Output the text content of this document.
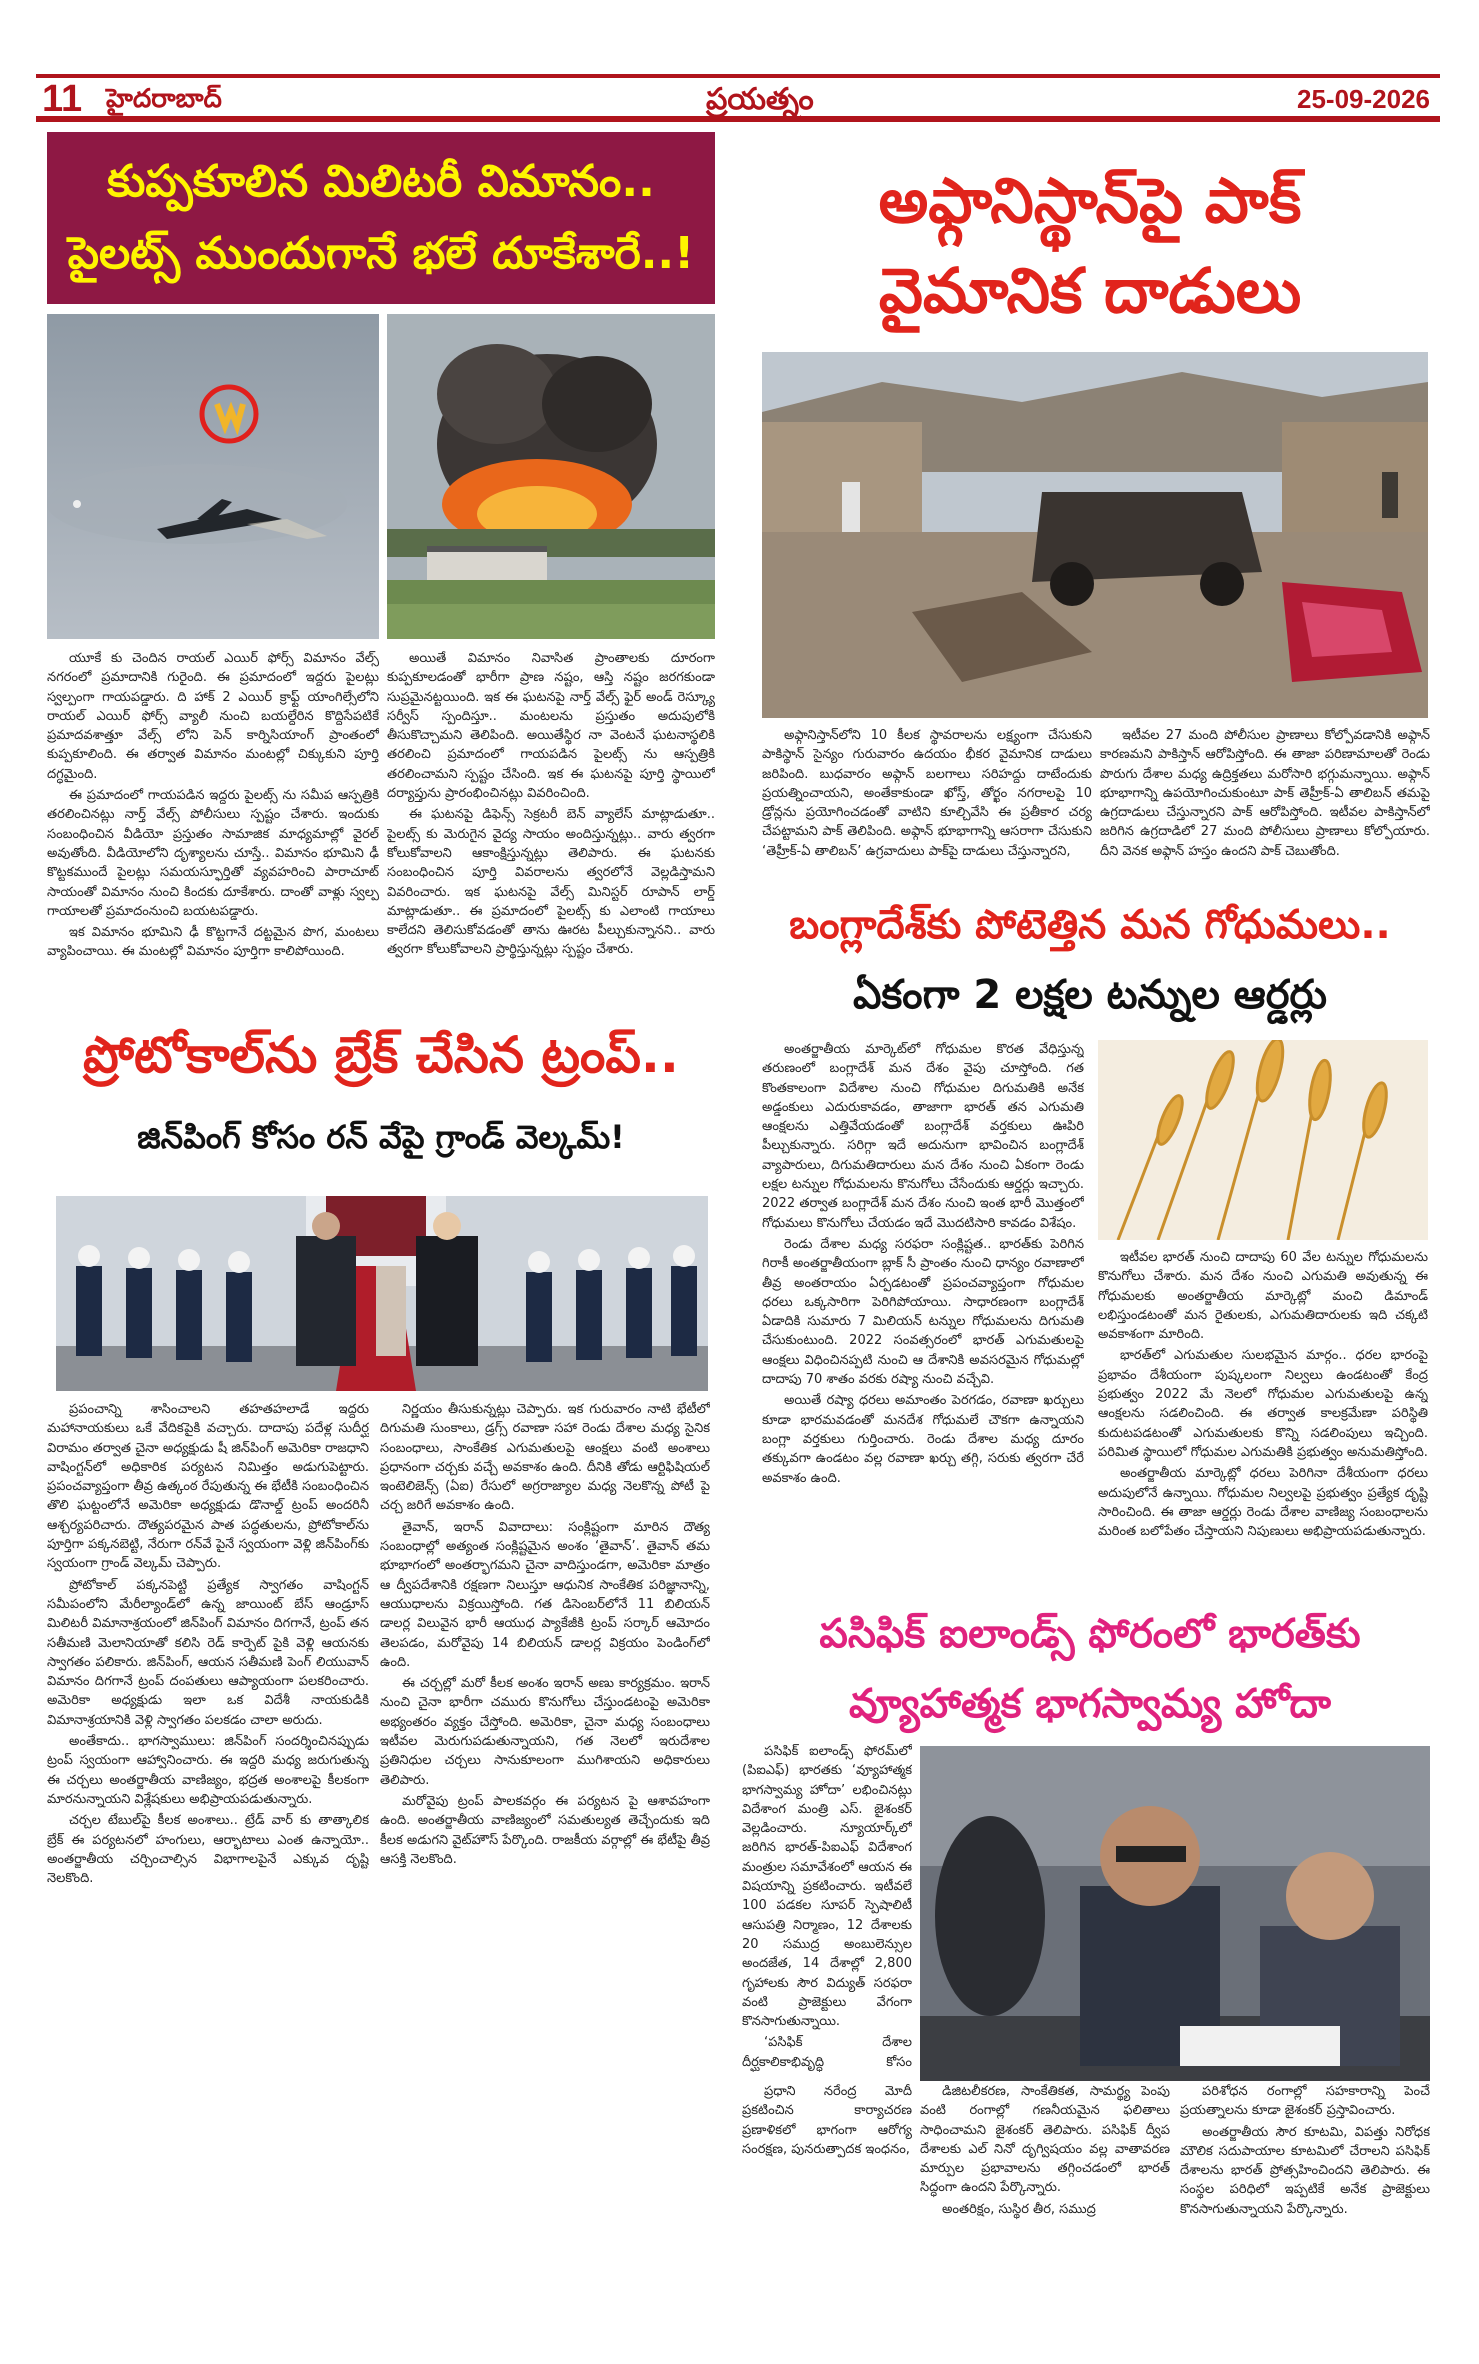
11 హైదరాబాద్	ప్రయత్నం	25-09-2026
కుప్పకూలిన మిలిటరీ విమానం..
పైలట్స్ ముందుగానే భలే దూకేశారే..!

యూకే కు చెందిన రాయల్ ఎయిర్ ఫోర్స్ విమానం వేల్స్ నగరంలో ప్రమాదానికి గురైంది. ఈ ప్రమాదంలో ఇద్దరు పైలట్లు స్వల్పంగా గాయపడ్డారు. ది హాక్ 2 ఎయిర్ క్రాఫ్ట్ యాంగిల్సేలోని రాయల్ ఎయిర్ ఫోర్స్ వ్యాలీ నుంచి బయల్దేరిన కొద్దిసేపటికే ప్రమాదవశాత్తూ వేల్స్ లోని పెన్ కార్నిసియాంగ్ ప్రాంతంలో కుప్పకూలింది. ఈ తర్వాత విమానం మంటల్లో చిక్కుకుని పూర్తి దగ్ధమైంది.

ఈ ప్రమాదంలో గాయపడిన ఇద్దరు పైలట్స్ ను సమీప ఆస్పత్రికి తరలించినట్లు నార్త్ వేల్స్ పోలీసులు స్పష్టం చేశారు. ఇందుకు సంబంధించిన వీడియో ప్రస్తుతం సామాజిక మాధ్యమాల్లో వైరల్ అవుతోంది. వీడియోలోని దృశ్యాలను చూస్తే.. విమానం భూమిని ఢీ కొట్టకముందే పైలట్లు సమయస్ఫూర్తితో వ్యవహరించి పారాచూట్ సాయంతో విమానం నుంచి కిందకు దూకేశారు. దాంతో వాళ్లు స్వల్ప గాయాలతో ప్రమాదంనుంచి బయటపడ్డారు.

ఇక విమానం భూమిని ఢీ కొట్టగానే దట్టమైన పొగ, మంటలు వ్యాపించాయి. ఈ మంటల్లో విమానం పూర్తిగా కాలిపోయింది.

అయితే విమానం నివాసిత ప్రాంతాలకు దూరంగా కుప్పకూలడంతో భారీగా ప్రాణ నష్టం, ఆస్తి నష్టం జరగకుండా సుప్రమైనట్టయింది. ఇక ఈ ఘటనపై నార్త్ వేల్స్ ఫైర్ అండ్ రెస్క్యూ సర్వీస్ స్పందిస్తూ.. మంటలను ప్రస్తుతం అదుపులోకి తీసుకొచ్చామని తెలిపింది. అయితేస్థిర నా వెంటనే ఘటనాస్థలికి తరలించి ప్రమాదంలో గాయపడిన పైలట్స్ ను ఆస్పత్రికి తరలించామని స్పష్టం చేసింది. ఇక ఈ ఘటనపై పూర్తి స్థాయిలో దర్యాప్తును ప్రారంభించినట్లు వివరించింది.

ఈ ఘటనపై డిఫెన్స్ సెక్రటరీ బెన్ వ్యాలేస్ మాట్లాడుతూ.. పైలట్స్ కు మెరుగైన వైద్య సాయం అందిస్తున్నట్లు.. వారు త్వరగా కోలుకోవాలని ఆకాంక్షిస్తున్నట్లు తెలిపారు. ఈ ఘటనకు సంబంధించిన పూర్తి వివరాలను త్వరలోనే వెల్లడిస్తామని వివరించారు. ఇక ఘటనపై వేల్స్ మినిస్టర్ రూపాన్ లార్డ్ మాట్లాడుతూ.. ఈ ప్రమాదంలో పైలట్స్ కు ఎలాంటి గాయాలు కాలేదని తెలిసుకోవడంతో తాను ఊరట పీల్చుకున్నానని.. వారు త్వరగా కోలుకోవాలని ప్రార్థిస్తున్నట్లు స్పష్టం చేశారు.

ప్రోటోకాల్‌ను బ్రేక్ చేసిన ట్రంప్..
జిన్‌పింగ్ కోసం రన్ వేపై గ్రాండ్ వెల్కమ్!

ప్రపంచాన్ని శాసించాలని తహతహలాడే ఇద్దరు మహానాయకులు ఒకే వేదికపైకి వచ్చారు. దాదాపు పదేళ్ల సుదీర్ఘ విరామం తర్వాత చైనా అధ్యక్షుడు షీ జిన్‌పింగ్ అమెరికా రాజధాని వాషింగ్టన్‌లో అధికారిక పర్యటన నిమిత్తం అడుగుపెట్టారు. ప్రపంచవ్యాప్తంగా తీవ్ర ఉత్కంఠ రేపుతున్న ఈ భేటీకి సంబంధించిన తొలి ఘట్టంలోనే అమెరికా అధ్యక్షుడు డొనాల్డ్ ట్రంప్ అందరినీ ఆశ్చర్యపరిచారు. దౌత్యపరమైన పాత పద్ధతులను, ప్రోటోకాల్‌ను పూర్తిగా పక్కనబెట్టి, నేరుగా రన్‌వే పైనే స్వయంగా వెళ్లి జిన్‌పింగ్‌కు స్వయంగా గ్రాండ్ వెల్కమ్ చెప్పారు.

ప్రోటోకాల్ పక్కనపెట్టి ప్రత్యేక స్వాగతం వాషింగ్టన్ సమీపంలోని మేరీల్యాండ్‌లో ఉన్న జాయింట్ బేస్ ఆండ్రూస్ మిలిటరీ విమానాశ్రయంలో జిన్‌పింగ్ విమానం దిగగానే, ట్రంప్ తన సతీమణి మెలానియాతో కలిసి రెడ్ కార్పెట్ పైకి వెళ్లి ఆయనకు స్వాగతం పలికారు. జిన్‌పింగ్, ఆయన సతీమణి పెంగ్ లియువాన్ విమానం దిగగానే ట్రంప్ దంపతులు ఆప్యాయంగా పలకరించారు. అమెరికా అధ్యక్షుడు ఇలా ఒక విదేశీ నాయకుడికి విమానాశ్రయానికి వెళ్లి స్వాగతం పలకడం చాలా అరుదు.

అంతేకాదు.. భాగస్వాములు: జిన్‌పింగ్ సందర్శించినప్పుడు ట్రంప్ స్వయంగా ఆహ్వానించారు. ఈ ఇద్దరి మధ్య జరుగుతున్న ఈ చర్చలు అంతర్జాతీయ వాణిజ్యం, భద్రత అంశాలపై కీలకంగా మారనున్నాయని విశ్లేషకులు అభిప్రాయపడుతున్నారు.

చర్చల టేబుల్‌పై కీలక అంశాలు.. ట్రేడ్ వార్ కు తాత్కాలిక బ్రేక్ ఈ పర్యటనలో హంగులు, ఆర్భాటాలు ఎంత ఉన్నాయో.. అంతర్జాతీయ చర్చించాల్సిన విభాగాలపైనే ఎక్కువ దృష్టి నెలకొంది.

నిర్ణయం తీసుకున్నట్లు చెప్పారు. ఇక గురువారం నాటి భేటీలో దిగుమతి సుంకాలు, డ్రగ్స్ రవాణా సహా రెండు దేశాల మధ్య సైనిక సంబంధాలు, సాంకేతిక ఎగుమతులపై ఆంక్షలు వంటి అంశాలు ప్రధానంగా చర్చకు వచ్చే అవకాశం ఉంది. దీనికి తోడు ఆర్టిఫిషియల్ ఇంటెలిజెన్స్ (ఏఐ) రేసులో అగ్రరాజ్యాల మధ్య నెలకొన్న పోటీ పై చర్చ జరిగే అవకాశం ఉంది.

తైవాన్, ఇరాన్ వివాదాలు: సంక్లిష్టంగా మారిన దౌత్య సంబంధాల్లో అత్యంత సంక్లిష్టమైన అంశం ‘తైవాన్’. తైవాన్ తమ భూభాగంలో అంతర్భాగమని చైనా వాదిస్తుండగా, అమెరికా మాత్రం ఆ ద్వీపదేశానికి రక్షణగా నిలుస్తూ ఆధునిక సాంకేతిక పరిజ్ఞానాన్ని, ఆయుధాలను విక్రయిస్తోంది. గత డిసెంబర్‌లోనే 11 బిలియన్ డాలర్ల విలువైన భారీ ఆయుధ ప్యాకేజీకి ట్రంప్ సర్కార్ ఆమోదం తెలపడం, మరోవైపు 14 బిలియన్ డాలర్ల విక్రయం పెండింగ్‌లో ఉంది.

ఈ చర్చల్లో మరో కీలక అంశం ఇరాన్ అణు కార్యక్రమం. ఇరాన్ నుంచి చైనా భారీగా చమురు కొనుగోలు చేస్తుండటంపై అమెరికా అభ్యంతరం వ్యక్తం చేస్తోంది. అమెరికా, చైనా మధ్య సంబంధాలు ఇటీవల మెరుగుపడుతున్నాయని, గత నెలలో ఇరుదేశాల ప్రతినిధుల చర్చలు సానుకూలంగా ముగిశాయని అధికారులు తెలిపారు.

మరోవైపు ట్రంప్ పాలకవర్గం ఈ పర్యటన పై ఆశావహంగా ఉంది. అంతర్జాతీయ వాణిజ్యంలో సమతుల్యత తెచ్చేందుకు ఇది కీలక అడుగని వైట్‌హౌస్ పేర్కొంది. రాజకీయ వర్గాల్లో ఈ భేటీపై తీవ్ర ఆసక్తి నెలకొంది.

అఫ్గానిస్థాన్‌పై పాక్
వైమానిక దాడులు

అఫ్గానిస్తాన్‌లోని 10 కీలక స్థావరాలను లక్ష్యంగా చేసుకుని పాకిస్థాన్ సైన్యం గురువారం ఉదయం భీకర వైమానిక దాడులు జరిపింది. బుధవారం అఫ్గాన్ బలగాలు సరిహద్దు దాటేందుకు ప్రయత్నించాయని, అంతేకాకుండా ఖోస్త్, తోర్ఖం నగరాలపై 10 డ్రోన్లను ప్రయోగించడంతో వాటిని కూల్చివేసి ఈ ప్రతీకార చర్య చేపట్టామని పాక్ తెలిపింది. అఫ్గాన్ భూభాగాన్ని ఆసరాగా చేసుకుని ‘తెహ్రీక్-ఏ తాలిబన్’ ఉగ్రవాదులు పాక్‌పై దాడులు చేస్తున్నారని,

ఇటీవల 27 మంది పోలీసుల ప్రాణాలు కోల్పోవడానికి అఫ్గాన్ కారణమని పాకిస్తాన్ ఆరోపిస్తోంది. ఈ తాజా పరిణామాలతో రెండు పొరుగు దేశాల మధ్య ఉద్రిక్తతలు మరోసారి భగ్గుమన్నాయి. అఫ్గాన్ భూభాగాన్ని ఉపయోగించుకుంటూ పాక్ తెహ్రీక్-ఏ తాలిబన్ తమపై ఉగ్రదాడులు చేస్తున్నారని పాక్ ఆరోపిస్తోంది. ఇటీవల పాకిస్తాన్‌లో జరిగిన ఉగ్రదాడిలో 27 మంది పోలీసులు ప్రాణాలు కోల్పోయారు. దీని వెనక అఫ్గాన్ హస్తం ఉందని పాక్ చెబుతోంది.

బంగ్లాదేశ్‌కు పోటెత్తిన మన గోధుమలు..
ఏకంగా 2 లక్షల టన్నుల ఆర్డర్లు

అంతర్జాతీయ మార్కెట్‌లో గోధుమల కొరత వేధిస్తున్న తరుణంలో బంగ్లాదేశ్ మన దేశం వైపు చూస్తోంది. గత కొంతకాలంగా విదేశాల నుంచి గోధుమల దిగుమతికి అనేక అడ్డంకులు ఎదురుకావడం, తాజాగా భారత్ తన ఎగుమతి ఆంక్షలను ఎత్తివేయడంతో బంగ్లాదేశ్ వర్తకులు ఊపిరి పీల్చుకున్నారు. సరిగ్గా ఇదే అదునుగా భావించిన బంగ్లాదేశ్ వ్యాపారులు, దిగుమతిదారులు మన దేశం నుంచి ఏకంగా రెండు లక్షల టన్నుల గోధుమలను కొనుగోలు చేసేందుకు ఆర్డర్లు ఇచ్చారు. 2022 తర్వాత బంగ్లాదేశ్ మన దేశం నుంచి ఇంత భారీ మొత్తంలో గోధుమలు కొనుగోలు చేయడం ఇదే మొదటిసారి కావడం విశేషం.

రెండు దేశాల మధ్య సరఫరా సంక్లిష్టత.. భారత్‌కు పెరిగిన గిరాకీ అంతర్జాతీయంగా బ్లాక్ సీ ప్రాంతం నుంచి ధాన్యం రవాణాలో తీవ్ర అంతరాయం ఏర్పడటంతో ప్రపంచవ్యాప్తంగా గోధుమల ధరలు ఒక్కసారిగా పెరిగిపోయాయి. సాధారణంగా బంగ్లాదేశ్ ఏడాదికి సుమారు 7 మిలియన్ టన్నుల గోధుమలను దిగుమతి చేసుకుంటుంది. 2022 సంవత్సరంలో భారత్ ఎగుమతులపై ఆంక్షలు విధించినప్పటి నుంచి ఆ దేశానికి అవసరమైన గోధుమల్లో దాదాపు 70 శాతం వరకు రష్యా నుంచి వచ్చేవి.

అయితే రష్యా ధరలు అమాంతం పెరగడం, రవాణా ఖర్చులు కూడా భారమవడంతో మనదేశ గోధుమలే చౌకగా ఉన్నాయని బంగ్లా వర్తకులు గుర్తించారు. రెండు దేశాల మధ్య దూరం తక్కువగా ఉండటం వల్ల రవాణా ఖర్చు తగ్గి, సరుకు త్వరగా చేరే అవకాశం ఉంది.

ఇటీవల భారత్ నుంచి దాదాపు 60 వేల టన్నుల గోధుమలను కొనుగోలు చేశారు. మన దేశం నుంచి ఎగుమతి అవుతున్న ఈ గోధుమలకు అంతర్జాతీయ మార్కెట్లో మంచి డిమాండ్ లభిస్తుండటంతో మన రైతులకు, ఎగుమతిదారులకు ఇది చక్కటి అవకాశంగా మారింది.

భారత్‌లో ఎగుమతుల సులభమైన మార్గం.. ధరల భారంపై ప్రభావం దేశీయంగా పుష్కలంగా నిల్వలు ఉండటంతో కేంద్ర ప్రభుత్వం 2022 మే నెలలో గోధుమల ఎగుమతులపై ఉన్న ఆంక్షలను సడలించింది. ఈ తర్వాత కాలక్రమేణా పరిస్థితి కుదుటపడటంతో ఎగుమతులకు కొన్ని సడలింపులు ఇచ్చింది. పరిమిత స్థాయిలో గోధుమల ఎగుమతికి ప్రభుత్వం అనుమతిస్తోంది.

అంతర్జాతీయ మార్కెట్లో ధరలు పెరిగినా దేశీయంగా ధరలు అదుపులోనే ఉన్నాయి. గోధుమల నిల్వలపై ప్రభుత్వం ప్రత్యేక దృష్టి సారించింది. ఈ తాజా ఆర్డర్లు రెండు దేశాల వాణిజ్య సంబంధాలను మరింత బలోపేతం చేస్తాయని నిపుణులు అభిప్రాయపడుతున్నారు.

పసిఫిక్ ఐలాండ్స్ ఫోరంలో భారత్‌కు
వ్యూహాత్మక భాగస్వామ్య హోదా

పసిఫిక్ ఐలాండ్స్ ఫోరమ్‌లో (పిఐఎఫ్) భారతకు ‘వ్యూహాత్మక భాగస్వామ్య హోదా’ లభించినట్లు విదేశాంగ మంత్రి ఎస్. జైశంకర్ వెల్లడించారు. న్యూయార్క్‌లో జరిగిన భారత్-పిఐఎఫ్ విదేశాంగ మంత్రుల సమావేశంలో ఆయన ఈ విషయాన్ని ప్రకటించారు. ఇటీవలే 100 పడకల సూపర్ స్పెషాలిటీ ఆసుపత్రి నిర్మాణం, 12 దేశాలకు 20 సముద్ర అంబులెన్సుల అందజేత, 14 దేశాల్లో 2,800 గృహాలకు సౌర విద్యుత్ సరఫరా వంటి ప్రాజెక్టులు వేగంగా కొనసాగుతున్నాయి.

‘పసిఫిక్ దేశాల దీర్ఘకాలికాభివృద్ధి కోసం

ప్రధాని నరేంద్ర మోదీ ప్రకటించిన కార్యాచరణ ప్రణాళికలో భాగంగా ఆరోగ్య సంరక్షణ, పునరుత్పాదక ఇంధనం,

డిజిటలీకరణ, సాంకేతికత, సామర్థ్య పెంపు వంటి రంగాల్లో గణనీయమైన ఫలితాలు సాధించామని జైశంకర్ తెలిపారు. పసిఫిక్ ద్వీప దేశాలకు ఎల్ నినో దృగ్విషయం వల్ల వాతావరణ మార్పుల ప్రభావాలను తగ్గించడంలో భారత్ సిద్ధంగా ఉందని పేర్కొన్నారు.

అంతరిక్షం, సుస్థిర తీర, సముద్ర

పరిశోధన రంగాల్లో సహకారాన్ని పెంచే ప్రయత్నాలను కూడా జైశంకర్ ప్రస్తావించారు.

అంతర్జాతీయ సౌర కూటమి, విపత్తు నిరోధక మౌలిక సదుపాయాల కూటమిలో చేరాలని పసిఫిక్ దేశాలను భారత్ ప్రోత్సహించిందని తెలిపారు. ఈ సంస్థల పరిధిలో ఇప్పటికే అనేక ప్రాజెక్టులు కొనసాగుతున్నాయని పేర్కొన్నారు.
